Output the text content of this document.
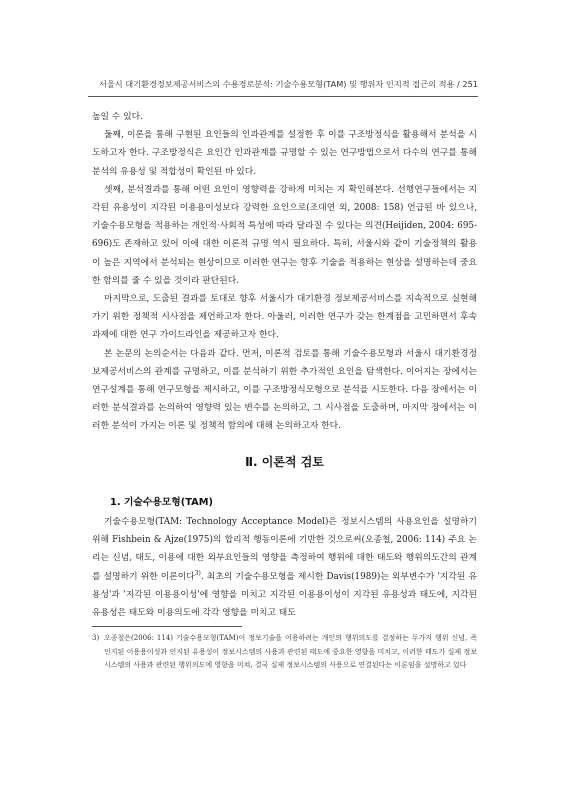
서울시 대기환경정보제공서비스의 수용경로분석: 기술수용모형(TAM) 및 행위자 인지적 접근의 적용 / 251

높일 수 있다.

둘째, 이론을 통해 구현된 요인들의 인과관계를 설정한 후 이를 구조방정식을 활용해서 분석을 시도하고자 한다. 구조방정식은 요인간 인과관계를 규명할 수 있는 연구방법으로서 다수의 연구를 통해 분석의 유용성 및 적합성이 확인된 바 있다.

셋째, 분석결과를 통해 어떤 요인이 영향력을 강하게 미치는 지 확인해본다. 선행연구들에서는 지각된 유용성이 지각된 이용용이성보다 강력한 요인으로(조대연 외, 2008: 158) 언급된 바 있으나, 기술수용모형을 적용하는 개인적·사회적 특성에 따라 달라질 수 있다는 의견(Heijiden, 2004: 695-696)도 존재하고 있어 이에 대한 이론적 규명 역시 필요하다. 특히, 서울시와 같이 기술정책의 활용이 높은 지역에서 분석되는 현상이므로 이러한 연구는 향후 기술을 적용하는 현상을 설명하는데 중요한 함의를 줄 수 있을 것이라 판단된다.

마지막으로, 도출된 결과를 토대로 향후 서울시가 대기환경 정보제공서비스를 지속적으로 실현해가기 위한 정책적 시사점을 제언하고자 한다. 아울러, 이러한 연구가 갖는 한계점을 고민하면서 후속과제에 대한 연구 가이드라인을 제공하고자 한다.

본 논문의 논의순서는 다음과 같다. 먼저, 이론적 검토를 통해 기술수용모형과 서울시 대기환경정보제공서비스의 관계를 규명하고, 이를 분석하기 위한 추가적인 요인을 탐색한다. 이어지는 장에서는 연구설계를 통해 연구모형을 제시하고, 이를 구조방정식모형으로 분석을 시도한다. 다음 장에서는 이러한 분석결과를 논의하여 영향력 있는 변수를 논의하고, 그 시사점을 도출하며, 마지막 장에서는 이러한 분석이 가지는 이론 및 정책적 함의에 대해 논의하고자 한다.

Ⅱ. 이론적 검토
1. 기술수용모형(TAM)

기술수용모형(TAM: Technology Acceptance Model)은 정보시스템의 사용요인을 설명하기 위해 Fishbein & Ajze(1975)의 합리적 행동이론에 기반한 것으로써(오종철, 2006: 114) 주요 논리는 신념, 태도, 이용에 대한 외부요인들의 영향을 측정하여 행위에 대한 태도와 행위의도간의 관계를 설명하기 위한 이론이다$^{3)}$. 최초의 기술수용모형을 제시한 Davis(1989)는 외부변수가 '지각된 유용성'과 '지각된 이용용이성'에 영향을 미치고 지각된 이용용이성이 지각된 유용성과 태도에, 지각된 유용성은 태도와 이용의도에 각각 영향을 미치고 태도

3) 오종철은(2006: 114) 기술수용모형(TAM)이 정보기술을 이용하려는 개인의 행위의도를 결정하는 두가지 행위 신념, 즉 인지된 이용용이성과 인지된 유용성이 정보시스템의 사용과 관련된 태도에 중요한 영향을 미치고, 이러한 태도가 실제 정보시스템의 사용과 관련된 행위의도에 영향을 미쳐, 결국 실제 정보시스템의 사용으로 연결된다는 이론임을 설명하고 있다
